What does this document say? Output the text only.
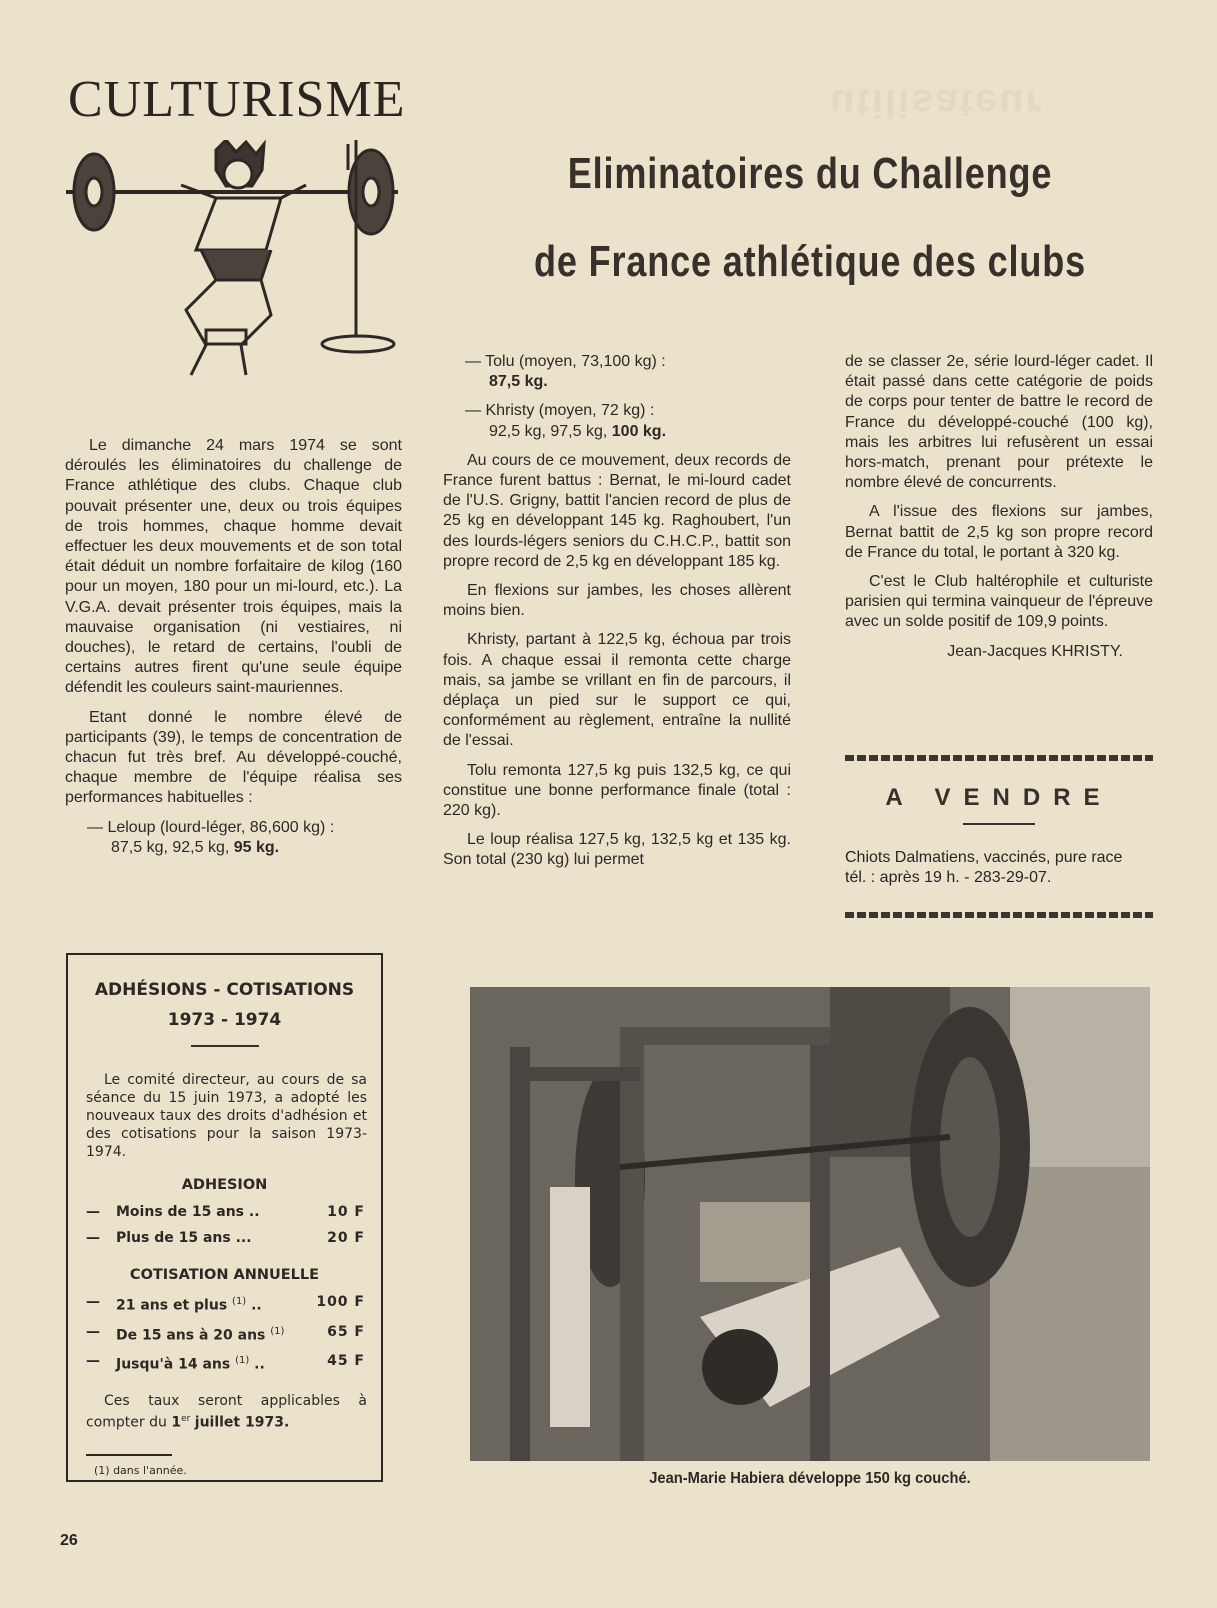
utilisateur
CULTURISME
Eliminatoires du Challenge
de France athlétique des clubs

Le dimanche 24 mars 1974 se sont déroulés les éliminatoires du challenge de France athlétique des clubs. Chaque club pouvait présenter une, deux ou trois équipes de trois hommes, chaque homme devait effectuer les deux mouvements et de son total était déduit un nombre forfaitaire de kilog (160 pour un moyen, 180 pour un mi-lourd, etc.). La V.G.A. devait présenter trois équipes, mais la mauvaise organisation (ni vestiaires, ni douches), le retard de certains, l'oubli de certains autres firent qu'une seule équipe défendit les couleurs saint-mauriennes.

Etant donné le nombre élevé de participants (39), le temps de concentration de chacun fut très bref. Au développé-couché, chaque membre de l'équipe réalisa ses performances habituelles :

— Leloup (lourd-léger, 86,600 kg) :
87,5 kg, 92,5 kg, 95 kg.
— Tolu (moyen, 73,100 kg) :
87,5 kg.
— Khristy (moyen, 72 kg) :
92,5 kg, 97,5 kg, 100 kg.

Au cours de ce mouvement, deux records de France furent battus : Bernat, le mi-lourd cadet de l'U.S. Grigny, battit l'ancien record de plus de 25 kg en développant 145 kg. Raghoubert, l'un des lourds-légers seniors du C.H.C.P., battit son propre record de 2,5 kg en développant 185 kg.

En flexions sur jambes, les choses allèrent moins bien.

Khristy, partant à 122,5 kg, échoua par trois fois. A chaque essai il remonta cette charge mais, sa jambe se vrillant en fin de parcours, il déplaça un pied sur le support ce qui, conformément au règlement, entraîne la nullité de l'essai.

Tolu remonta 127,5 kg puis 132,5 kg, ce qui constitue une bonne performance finale (total : 220 kg).

Le loup réalisa 127,5 kg, 132,5 kg et 135 kg. Son total (230 kg) lui permet

de se classer 2e, série lourd-léger cadet. Il était passé dans cette catégorie de poids de corps pour tenter de battre le record de France du développé-couché (100 kg), mais les arbitres lui refusèrent un essai hors-match, prenant pour prétexte le nombre élevé de concurrents.

A l'issue des flexions sur jambes, Bernat battit de 2,5 kg son propre record de France du total, le portant à 320 kg.

C'est le Club haltérophile et culturiste parisien qui termina vainqueur de l'épreuve avec un solde positif de 109,9 points.

Jean-Jacques KHRISTY.
A VENDRE
Chiots Dalmatiens, vaccinés, pure race
tél. : après 19 h. - 283-29-07.
ADHÉSIONS - COTISATIONS
1973 - 1974
Le comité directeur, au cours de sa séance du 15 juin 1973, a adopté les nouveaux taux des droits d'adhésion et des cotisations pour la saison 1973-1974.
ADHESION
—	Moins de 15 ans ..	10 F
—	Plus de 15 ans ...	20 F
COTISATION ANNUELLE
—	21 ans et plus $^{(1)}$ ..	100 F
—	De 15 ans à 20 ans $^{(1)}$	65 F
—	Jusqu'à 14 ans $^{(1)}$ ..	45 F
Ces taux seront applicables à compter du 1er juillet 1973.
(1) dans l'année.	Jean-Marie Habiera développe 150 kg couché.
26
